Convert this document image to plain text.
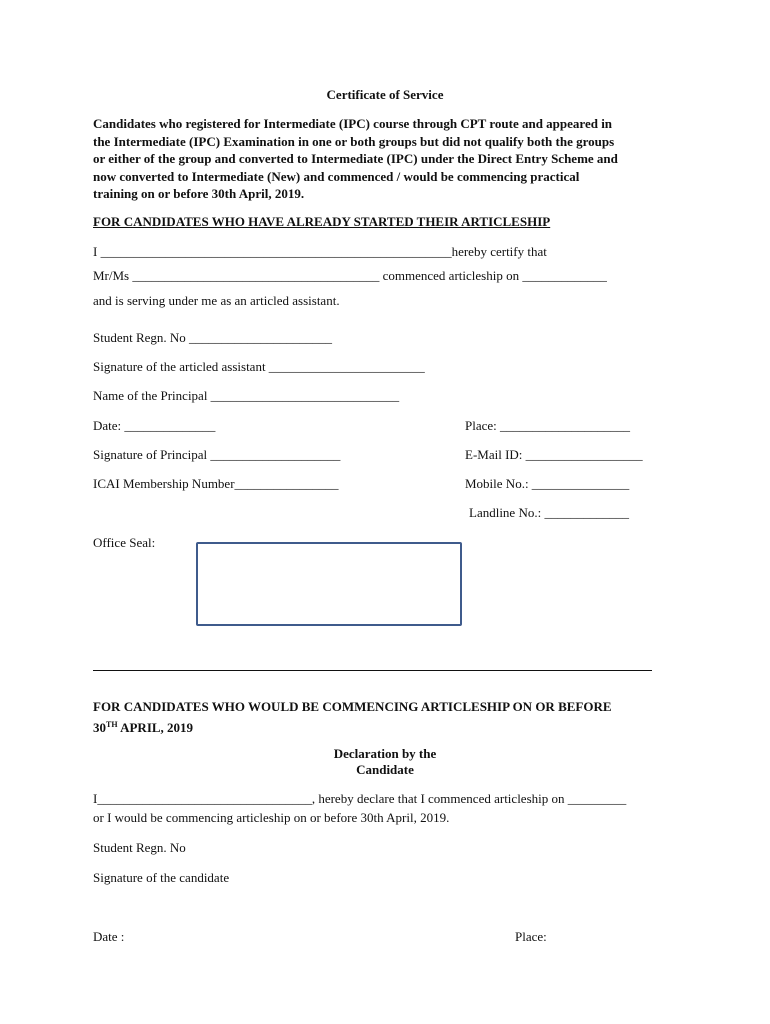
Certificate of Service

Candidates who registered for Intermediate (IPC) course through CPT route and appeared in

the Intermediate (IPC) Examination in one or both groups but did not qualify both the groups

or either of the group and converted to Intermediate (IPC) under the Direct Entry Scheme and

now converted to Intermediate (New) and commenced / would be commencing practical

training on or before 30th April, 2019.

FOR CANDIDATES WHO HAVE ALREADY STARTED THEIR ARTICLESHIP
I ______________________________________________________hereby certify that
Mr/Ms ______________________________________ commenced articleship on _____________
and is serving under me as an articled assistant.
Student Regn. No ______________________
Signature of the articled assistant ________________________
Name of the Principal _____________________________
Date: ______________	Place: ____________________
Signature of Principal ____________________	E-Mail ID: __________________
ICAI Membership Number________________	Mobile No.: _______________
Landline No.: _____________
Office Seal:
FOR CANDIDATES WHO WOULD BE COMMENCING ARTICLESHIP ON OR BEFORE
30TH APRIL, 2019
Declaration by the
Candidate
I_________________________________, hereby declare that I commenced articleship on _________
or I would be commencing articleship on or before 30th April, 2019.
Student Regn. No
Signature of the candidate
Date :	Place:
